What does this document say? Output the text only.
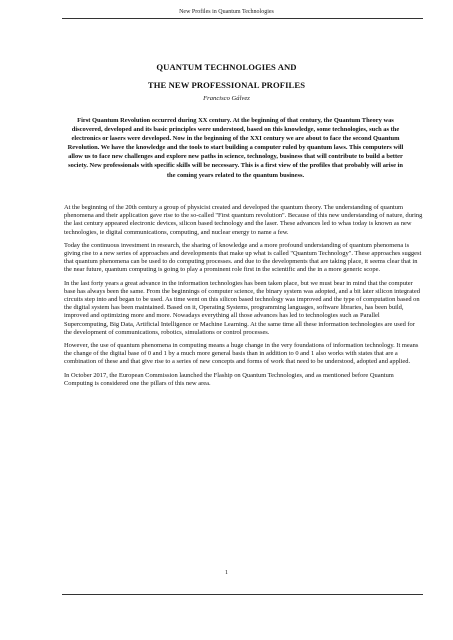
New Profiles in Quantum Technologies
QUANTUM TECHNOLOGIES AND
THE NEW PROFESSIONAL PROFILES
Francisco Gálvez
First Quantum Revolution occurred during XX century. At the beginning of that century, the Quantum Theory was discovered, developed and its basic principles were understood, based on this knowledge, some technologies, such as the electronics or lasers were developed. Now in the beginning of the XXI century we are about to face the second Quantum Revolution. We have the knowledge and the tools to start building a computer ruled by quantum laws. This computers will allow us to face new challenges and explore new paths in science, technology, business that will contribute to build a better society. New professionals with specific skills will be necessary. This is a first view of the profiles that probably will arise in the coming years related to the quantum business.

At the beginning of the 20th century a group of physicist created and developed the quantum theory. The understanding of quantum phenomena and their application gave rise to the so-called "First quantum revolution". Because of this new understanding of nature, during the last century appeared electronic devices, silicon based technology and the laser. These advances led to whas today is known as new technologies, ie digital communications, computing, and nuclear energy to name a few.

Today the continuous investment in research, the sharing of knowledge and a more profound understanding of quantum phenomena is giving rise to a new series of approaches and developments that make up what is called "Quantum Technology". These approaches suggest that quantum phenomena can be used to do computing processes. and due to the developments that are taking place, it seems clear that in the near future, quantum computing is going to play a prominent role first in the scientific and the in a more generic scope.

In the last forty years a great advance in the information technologies has been taken place, but we must bear in mind that the computer base has always been the same. From the beginnings of computer science, the binary system was adopted, and a bit later silicon integrated circuits step into and began to be used. As time went on this silicon based technology was improved and the type of computation based on the digital system has been maintained. Based on it, Operating Systems, programming languages, software libraries, has been build, improved and optimizing more and more. Nowadays everything all those advances has led to technologies such as Parallel Supercomputing, Big Data, Artificial Intelligence or Machine Learning. At the same time all these information technologies are used for the development of communications, robotics, simulations or control processes.

However, the use of quantum phenomena in computing means a huge change in the very foundations of information technology. It means the change of the digital base of 0 and 1 by a much more general basis than in addition to 0 and 1 also works with states that are a combination of these and that give rise to a series of new concepts and forms of work that need to be understood, adopted and applied.

In October 2017, the European Commission launched the Flaship on Quantum Technologies, and as mentioned before Quantum Computing is considered one the pillars of this new area.

1
